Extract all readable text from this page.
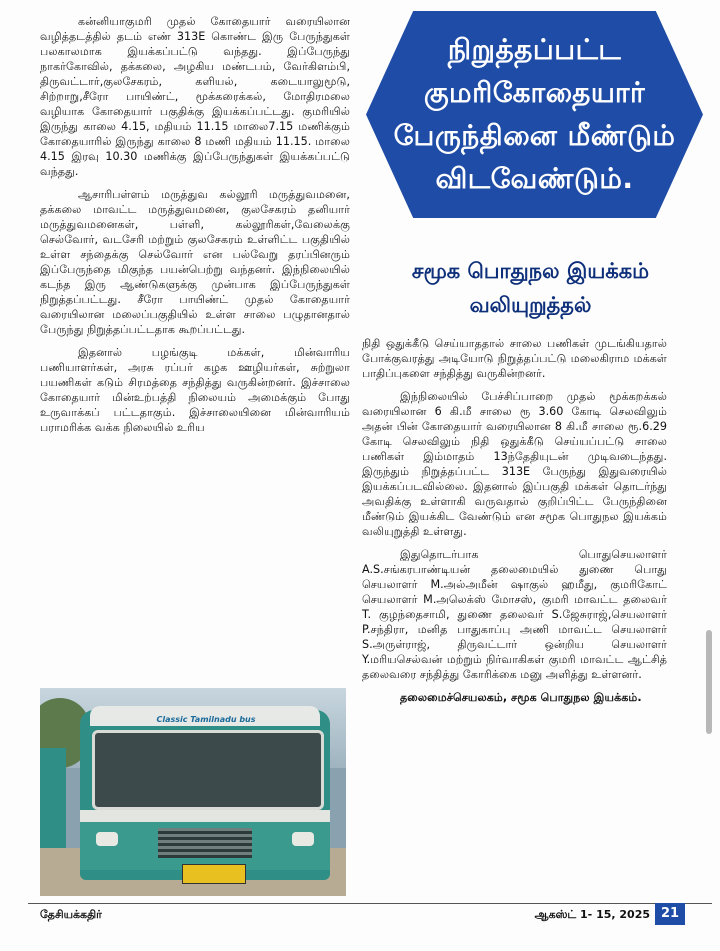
கன்னியாகுமரி முதல் கோதையார் வரையிலான வழித்தடத்தில் தடம் எண் 313E கொண்ட இரு பேருந்துகள் பலகாலமாக இயக்கப்பட்டு வந்தது. இப்பேருந்து நாகர்கோவில், தக்கலை, அழகிய மண்டபம், வேர்கிளம்பி, திருவட்டார்,குலசேகரம், களியல், கடையாலுமூடு, சிற்றாறு,சீரோ பாயிண்ட், மூக்கரைக்கல், மோதிரமலை வழியாக கோதையார் பகுதிக்கு இயக்கப்பட்டது. குமரியில் இருந்து காலை 4.15, மதியம் 11.15 மாலை7.15 மணிக்கும் கோதையாரில் இருந்து காலை 8 மணி மதியம் 11.15. மாலை 4.15 இரவு 10.30 மணிக்கு இப்பேருந்துகள் இயக்கப்பட்டு வந்தது.

ஆசாரிபள்ளம் மருத்துவ கல்லூரி மருத்துவமனை, தக்கலை மாவட்ட மருத்துவமனை, குலசேகரம் தனியார் மருத்துவமனைகள், பள்ளி, கல்லூரிகள்,வேலைக்கு செல்வோர், வடசேரி மற்றும் குலசேகரம் உள்ளிட்ட பகுதியில் உள்ள சந்தைக்கு செல்வோர் என பல்வேறு தரப்பினரும் இப்பேருந்தை மிகுந்த பயன்பெற்று வந்தனர். இந்நிலையில் கடந்த இரு ஆண்டுகளுக்கு முன்பாக இப்பேருந்துகள் நிறுத்தப்பட்டது. சீரோ பாயிண்ட் முதல் கோதையார் வரையிலான மலைப்பகுதியில் உள்ள சாலை பழுதானதால் பேருந்து நிறுத்தப்பட்டதாக கூறப்பட்டது.

இதனால் பழங்குடி மக்கள், மின்வாரிய பணியாளர்கள், அரசு ரப்பர் கழக ஊழியர்கள், சுற்றுலா பயணிகள் கடும் சிரமத்தை சந்தித்து வருகின்றனர். இச்சாலை கோதையார் மின்உற்பத்தி நிலையம் அமைக்கும் போது உருவாக்கப் பட்டதாகும். இச்சாலையினை மின்வாரியம் பராமரிக்க வக்க நிலையில் உரிய

நிறுத்தப்பட்ட
குமரிகோதையார்
பேருந்தினை மீண்டும்
விடவேண்டும்.
சமூக பொதுநல இயக்கம்
வலியுறுத்தல்

நிதி ஒதுக்கீடு செய்யாததால் சாலை பணிகள் முடங்கியதால் போக்குவரத்து அடியோடு நிறுத்தப்பட்டு மலைகிராம மக்கள் பாதிப்புகளை சந்தித்து வருகின்றனர்.

இந்நிலையில் பேச்சிப்பாறை முதல் மூக்கறக்கல் வரையிலான 6 கி.மீ சாலை ரூ 3.60 கோடி செலவிலும் அதன் பின் கோதையார் வரையிலான 8 கி.மீ சாலை ரூ.6.29 கோடி செலவிலும் நிதி ஒதுக்கீடு செய்யப்பட்டு சாலை பணிகள் இம்மாதம் 13ந்தேதியுடன் முடிவடைந்தது. இருந்தும் நிறுத்தப்பட்ட 313E பேருந்து இதுவரையில் இயக்கப்படவில்லை. இதனால் இப்பகுதி மக்கள் தொடர்ந்து அவதிக்கு உள்ளாகி வருவதால் குறிப்பிட்ட பேருந்தினை மீண்டும் இயக்கிட வேண்டும் என சமூக பொதுநல இயக்கம் வலியுறுத்தி உள்ளது.

இதுதொடர்பாக பொதுசெயலாளர் A.S.சங்கரபாண்டியன் தலைமையில் துணை பொது செயலாளர் M.அல்அமீன் ஷாகுல் ஹமீது, குமரிகோட் செயலாளர் M.அலெக்ஸ் மோசஸ், குமரி மாவட்ட தலைவர் T. குழந்தைசாமி, துணை தலைவர் S.ஜேசுராஜ்,செயலாளர் P.சந்திரா, மனித பாதுகாப்பு அணி மாவட்ட செயலாளர் S.அருள்ராஜ், திருவட்டார் ஒன்றிய செயலாளர் Y.மரியசெல்வன் மற்றும் நிர்வாகிகள் குமரி மாவட்ட ஆட்சித் தலைவரை சந்தித்து கோரிக்கை மனு அளித்து உள்ளனர்.

தலைமைச்செயலகம், சமூக பொதுநல இயக்கம்.

Classic Tamilnadu bus
தேசியக்கதிர்	ஆகஸ்ட் 1- 15, 2025 21
